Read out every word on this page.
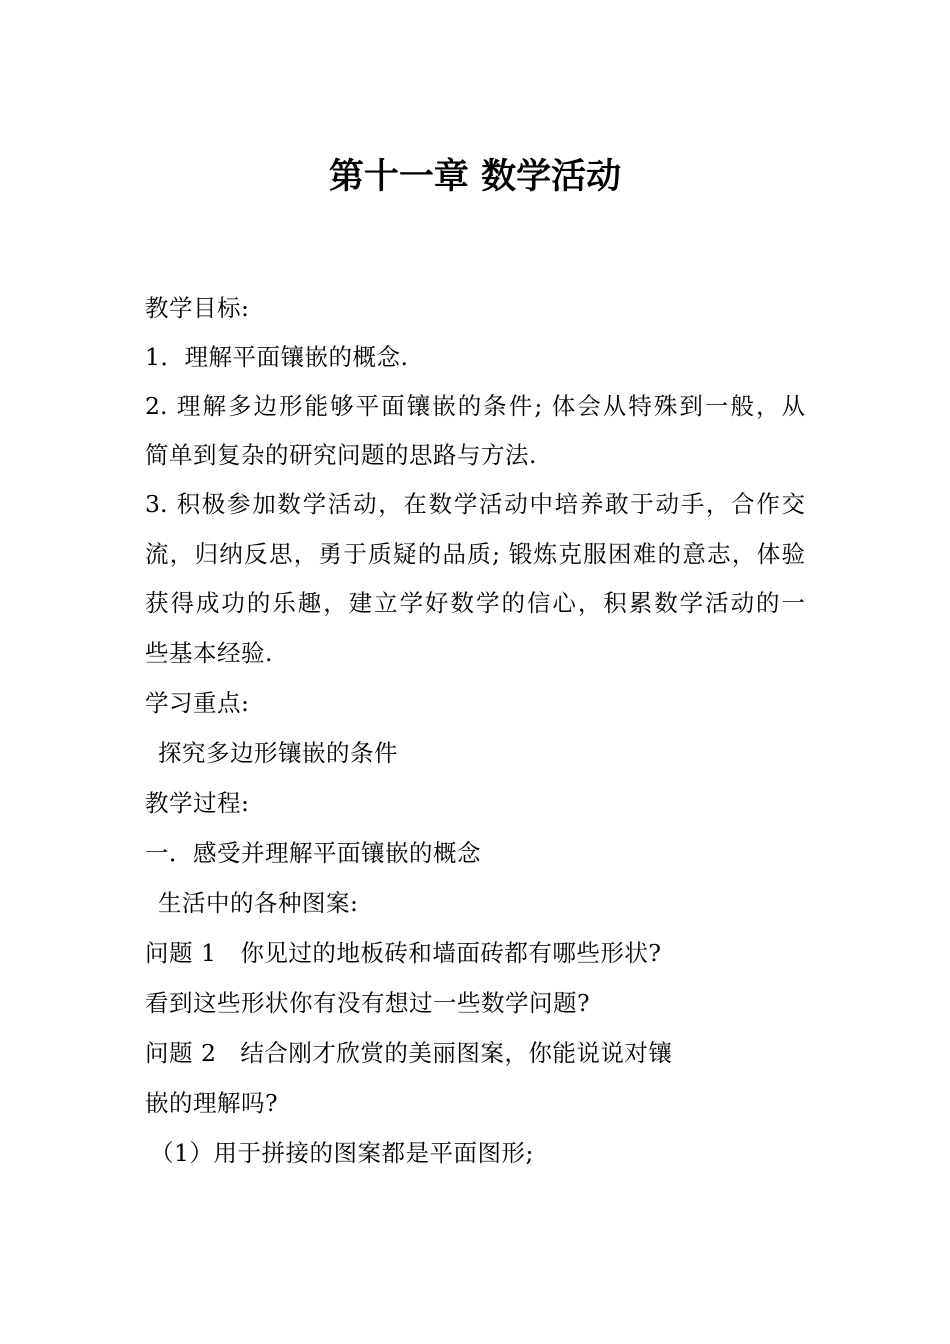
第十一章 数学活动
教学目标:
1．理解平面镶嵌的概念.
2. 理解多边形能够平面镶嵌的条件; 体会从特殊到一般，从
简单到复杂的研究问题的思路与方法.
3. 积极参加数学活动，在数学活动中培养敢于动手，合作交
流，归纳反思，勇于质疑的品质; 锻炼克服困难的意志，体验
获得成功的乐趣，建立学好数学的信心，积累数学活动的一
些基本经验.
学习重点:
探究多边形镶嵌的条件
教学过程:
一．感受并理解平面镶嵌的概念
生活中的各种图案:
问题 1　你见过的地板砖和墙面砖都有哪些形状?
看到这些形状你有没有想过一些数学问题?
问题 2　结合刚才欣赏的美丽图案，你能说说对镶
嵌的理解吗?
（1）用于拼接的图案都是平面图形;
